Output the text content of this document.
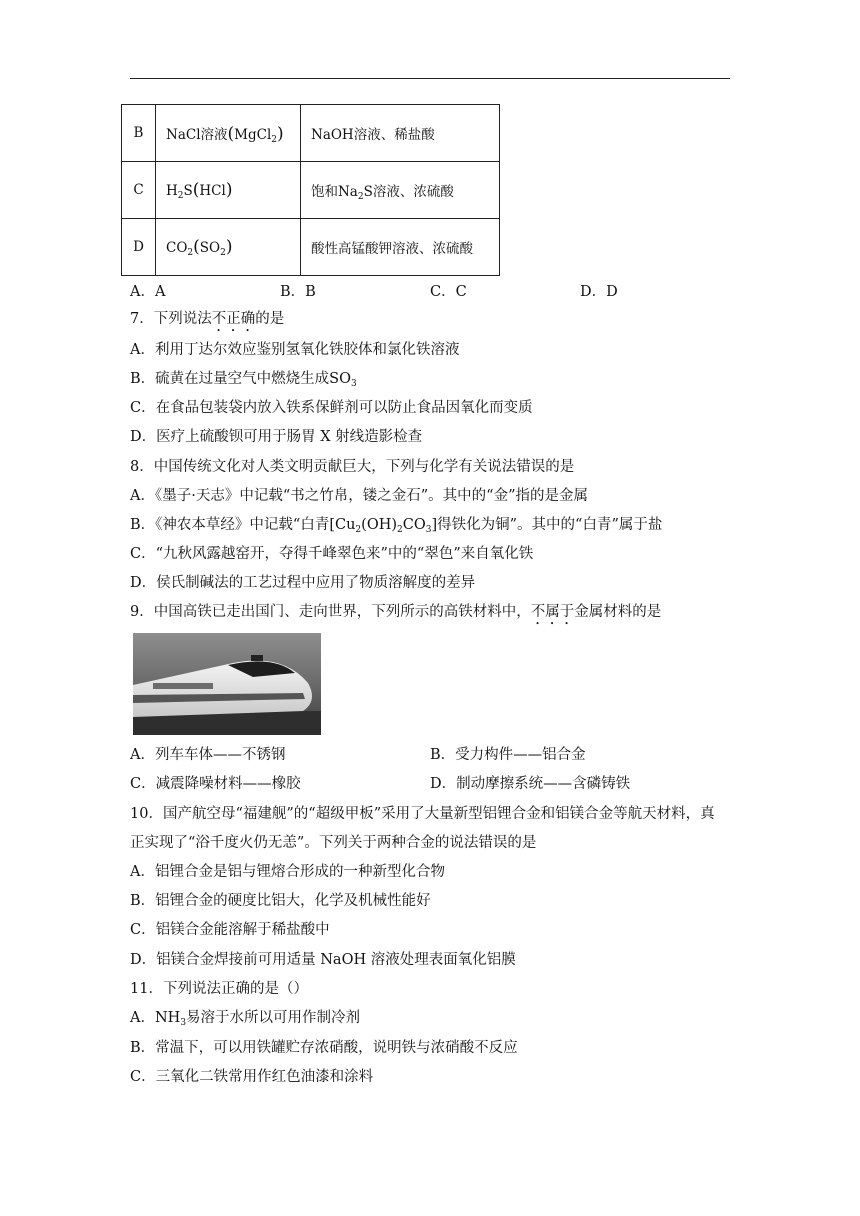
B	NaCl溶液(MgCl$_2$)	NaOH溶液、稀盐酸
C	$H_2S(HCl)$	饱和$Na_2S$溶液、浓硫酸
D	$CO_2(SO_2)$	酸性高锰酸钾溶液、浓硫酸
A．A	B．B	C．C	D．D
7．下列说法不正确的是
A．利用丁达尔效应鉴别氢氧化铁胶体和氯化铁溶液
B．硫黄在过量空气中燃烧生成$SO_3$
C．在食品包装袋内放入铁系保鲜剂可以防止食品因氧化而变质
D．医疗上硫酸钡可用于肠胃 X 射线造影检查
8．中国传统文化对人类文明贡献巨大，下列与化学有关说法错误的是
A．《墨子·天志》中记载“书之竹帛，镂之金石”。其中的“金”指的是金属
B．《神农本草经》中记载“白青$[Cu_2(OH)_2CO_3]$得铁化为铜”。其中的“白青”属于盐
C．“九秋风露越窑开，夺得千峰翠色来”中的“翠色”来自氧化铁
D．侯氏制碱法的工艺过程中应用了物质溶解度的差异
9．中国高铁已走出国门、走向世界，下列所示的高铁材料中，不属于金属材料的是
A．列车车体——不锈钢	B．受力构件——铝合金
C．减震降噪材料——橡胶	D．制动摩擦系统——含磷铸铁
10．国产航空母“福建舰”的“超级甲板”采用了大量新型铝锂合金和铝镁合金等航天材料，真
正实现了“浴千度火仍无恙”。下列关于两种合金的说法错误的是
A．铝锂合金是铝与锂熔合形成的一种新型化合物
B．铝锂合金的硬度比铝大，化学及机械性能好
C．铝镁合金能溶解于稀盐酸中
D．铝镁合金焊接前可用适量 NaOH 溶液处理表面氧化铝膜
11．下列说法正确的是（）
A．$NH_3$易溶于水所以可用作制冷剂
B．常温下，可以用铁罐贮存浓硝酸，说明铁与浓硝酸不反应
C．三氧化二铁常用作红色油漆和涂料
